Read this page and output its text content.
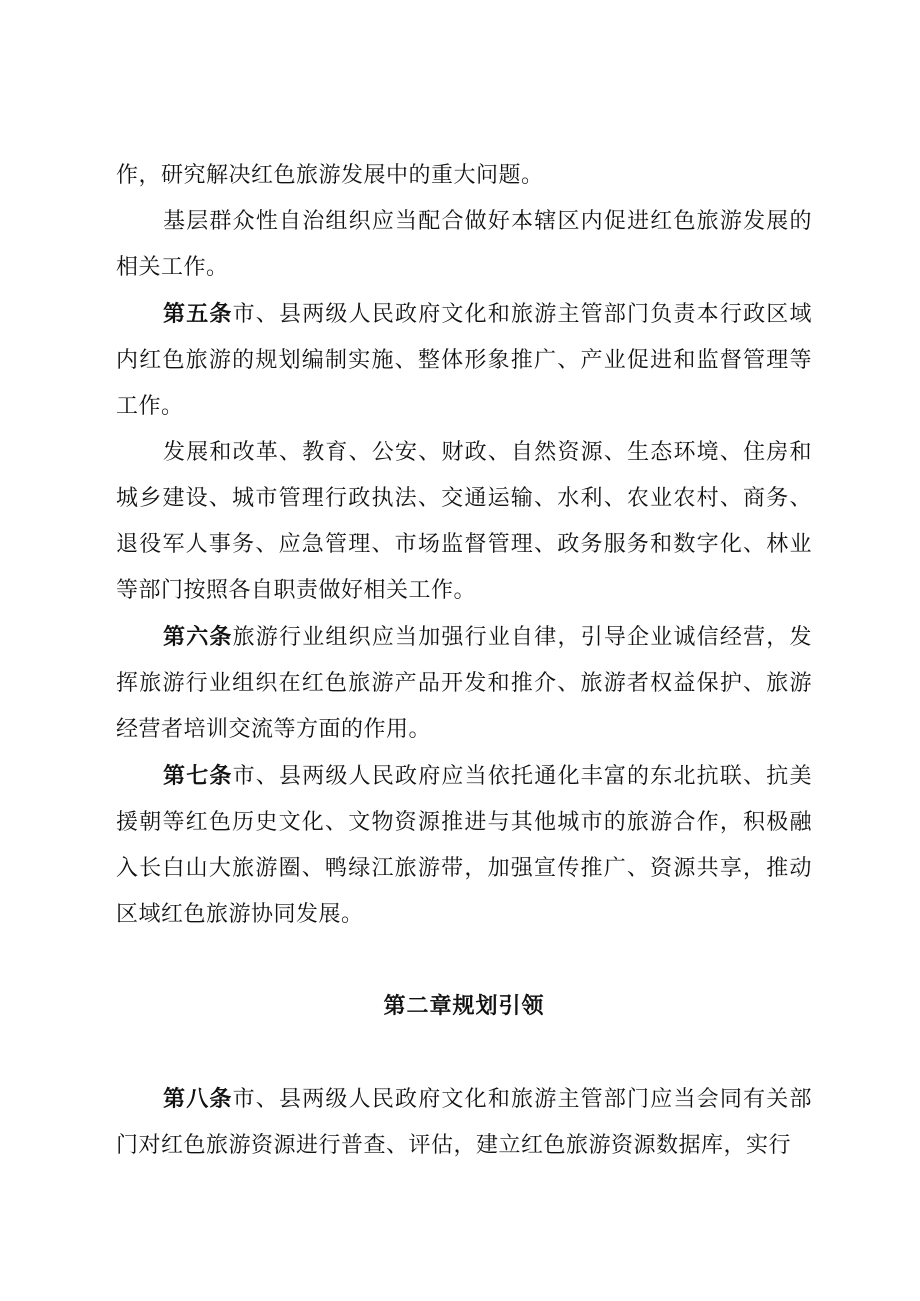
作，研究解决红色旅游发展中的重大问题。

基层群众性自治组织应当配合做好本辖区内促进红色旅游发展的相关工作。

第五条市、县两级人民政府文化和旅游主管部门负责本行政区域内红色旅游的规划编制实施、整体形象推广、产业促进和监督管理等工作。

发展和改革、教育、公安、财政、自然资源、生态环境、住房和城乡建设、城市管理行政执法、交通运输、水利、农业农村、商务、退役军人事务、应急管理、市场监督管理、政务服务和数字化、林业等部门按照各自职责做好相关工作。

第六条旅游行业组织应当加强行业自律，引导企业诚信经营，发挥旅游行业组织在红色旅游产品开发和推介、旅游者权益保护、旅游经营者培训交流等方面的作用。

第七条市、县两级人民政府应当依托通化丰富的东北抗联、抗美援朝等红色历史文化、文物资源推进与其他城市的旅游合作，积极融入长白山大旅游圈、鸭绿江旅游带，加强宣传推广、资源共享，推动区域红色旅游协同发展。

第二章规划引领

第八条市、县两级人民政府文化和旅游主管部门应当会同有关部门对红色旅游资源进行普查、评估，建立红色旅游资源数据库，实行
